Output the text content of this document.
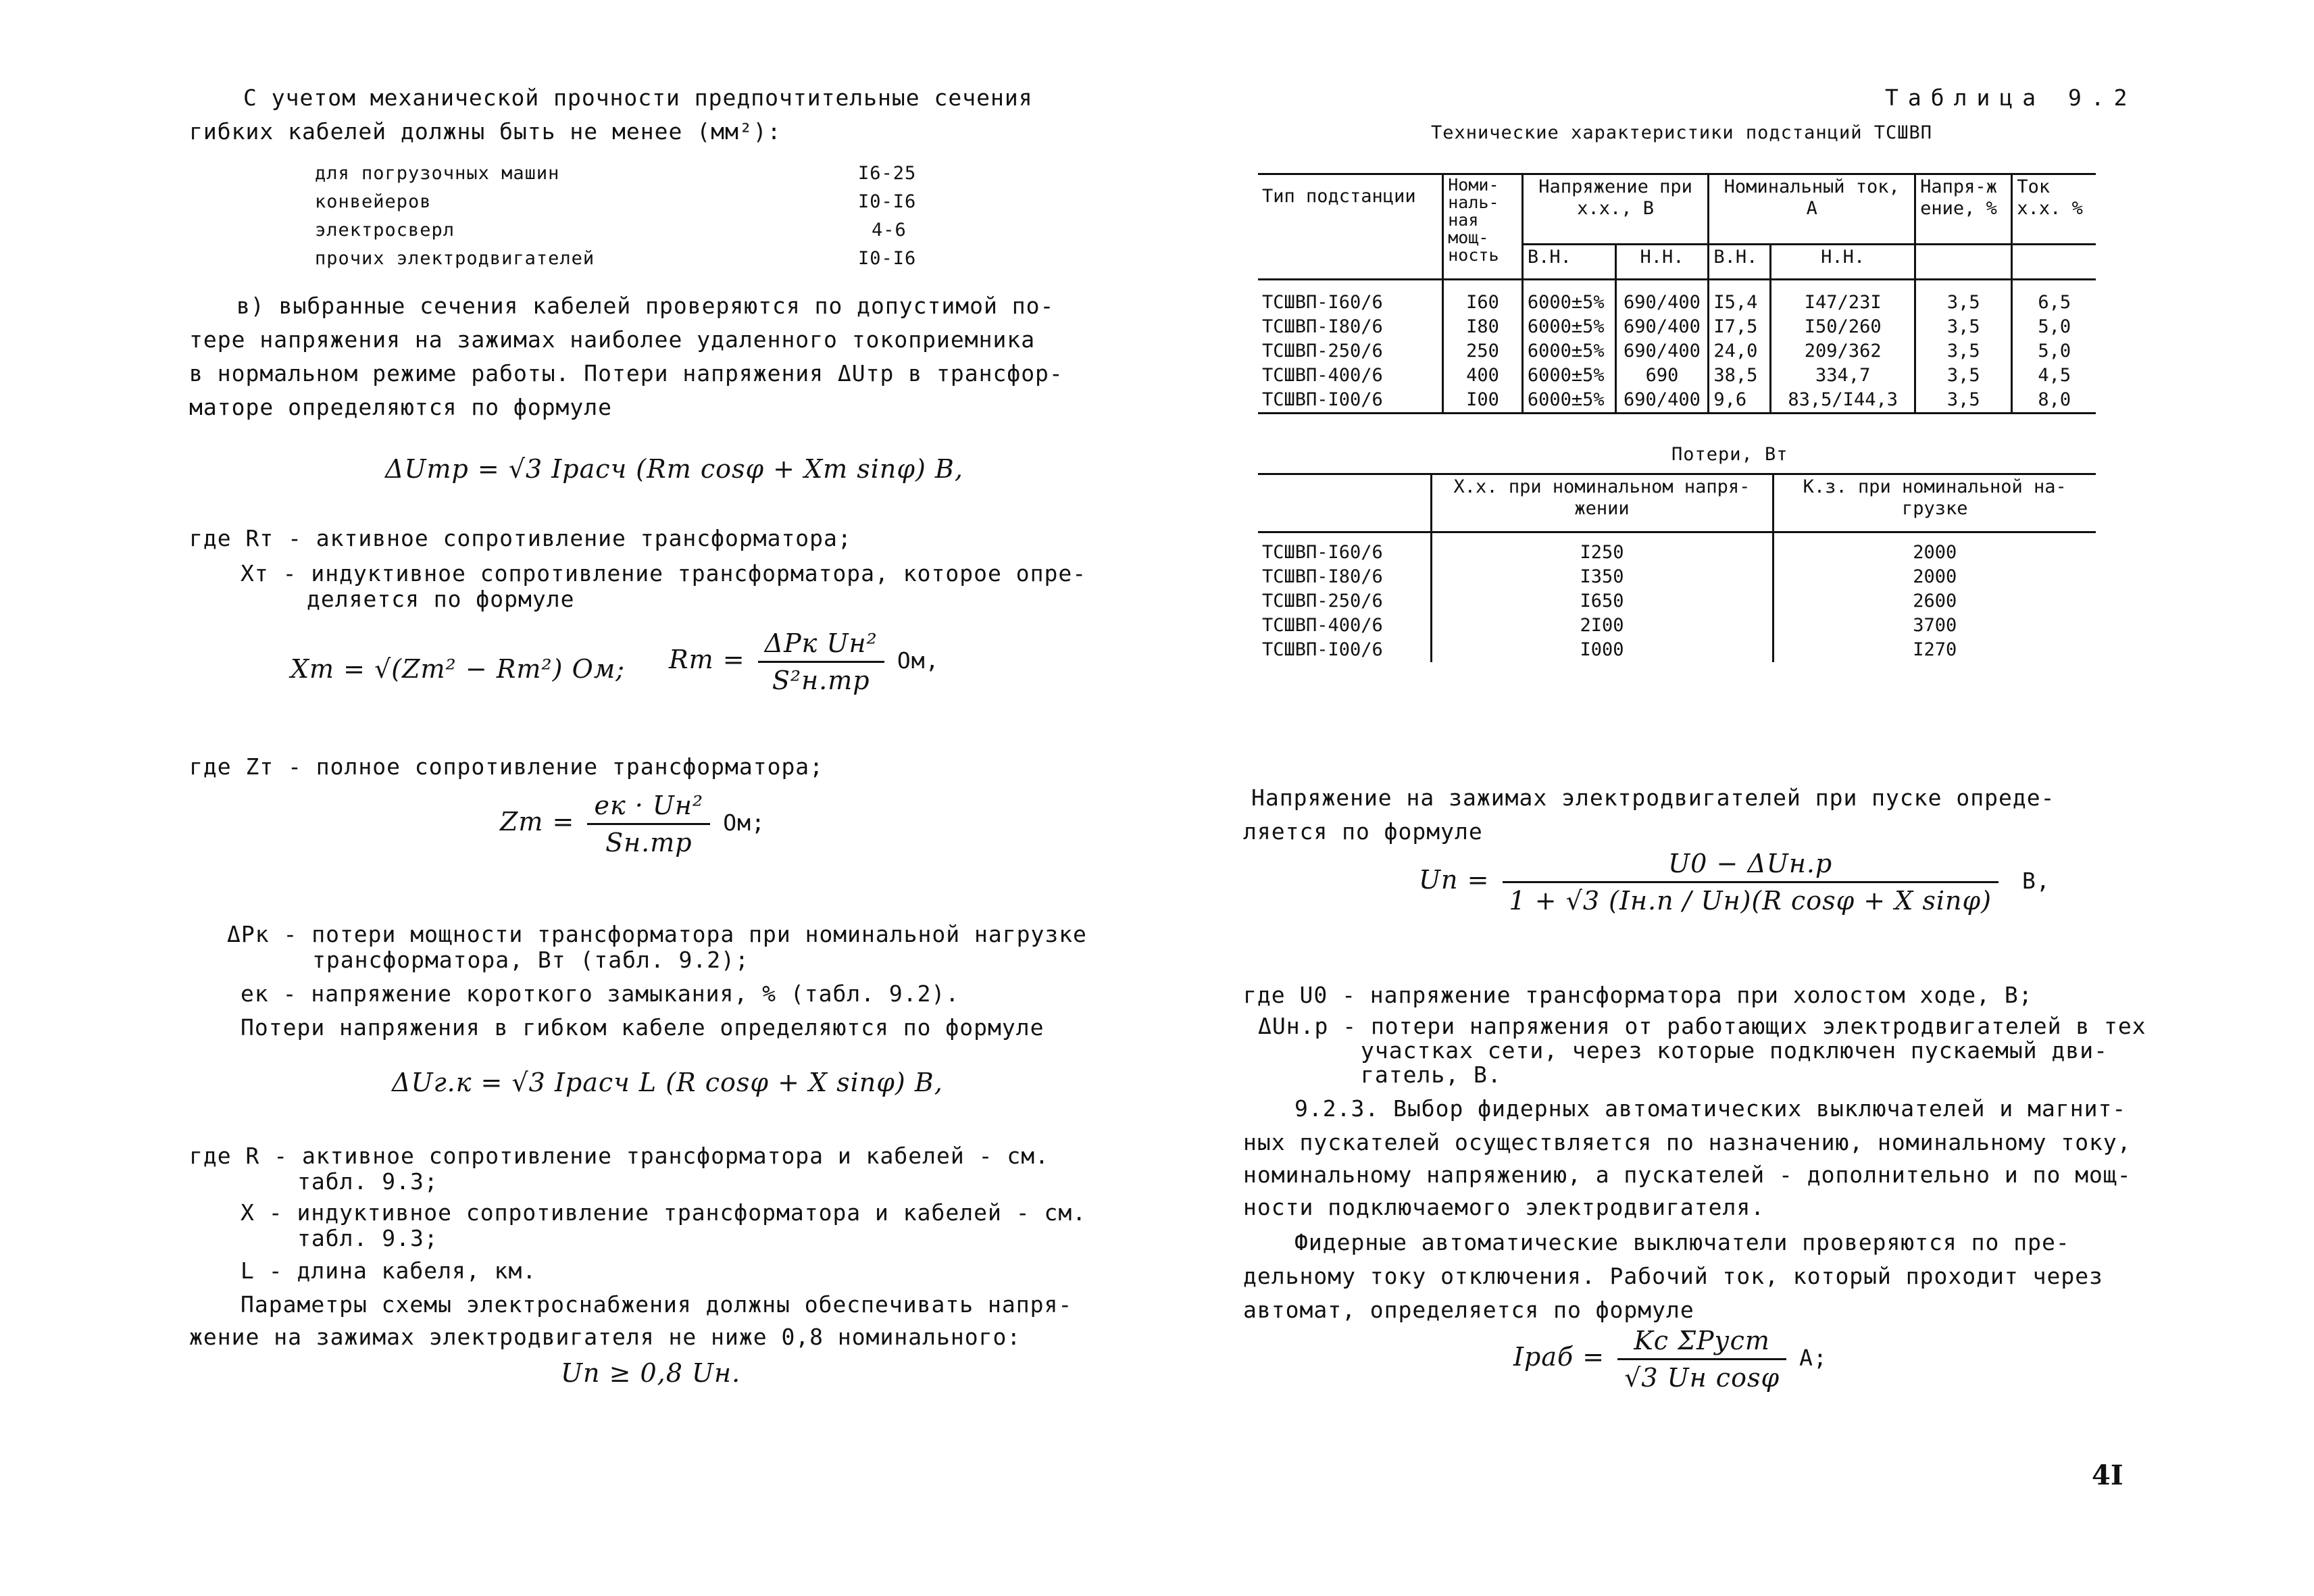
С учетом механической прочности предпочтительные сечения
гибких кабелей должны быть не менее (мм²):
для погрузочных машин	I6-25
конвейеров	I0-I6
электросверл	4-6
прочих электродвигателей	I0-I6
в) выбранные сечения кабелей проверяются по допустимой по-
тере напряжения на зажимах наиболее удаленного токоприемника
в нормальном режиме работы. Потери напряжения ΔUтр в трансфор-
маторе определяются по формуле
ΔUтр = √3 Iрасч (Rт cosφ + Xт sinφ) В,
где Rт - активное сопротивление трансформатора;
Xт - индуктивное сопротивление трансформатора, которое опре-
деляется по формуле
Xт = √(Zт² − Rт²) Ом; Rт = $\frac{\text{ΔPк Uн²}}{\text{S²н.тр}}$ Ом,
где Zт - полное сопротивление трансформатора;
Zт = $\frac{\text{eк · Uн²}}{Sн.тр}$ Ом;
ΔPк - потери мощности трансформатора при номинальной нагрузке
трансформатора, Вт (табл. 9.2);
eк - напряжение короткого замыкания, % (табл. 9.2).
Потери напряжения в гибком кабеле определяются по формуле
ΔUг.к = √3 Iрасч L (R cosφ + X sinφ) В,
где R - активное сопротивление трансформатора и кабелей - см.
табл. 9.3;
X - индуктивное сопротивление трансформатора и кабелей - см.
табл. 9.3;
L - длина кабеля, км.
Параметры схемы электроснабжения должны обеспечивать напря-
жение на зажимах электродвигателя не ниже 0,8 номинального:
Uп ≥ 0,8 Uн.
Таблица 9.2
Технические характеристики подстанций ТСШВП
Тип подстанции	Номи-
наль-
ная
мощ-
ность	Напряжение при х.х., В		Номинальный ток, А		Напря-жение, %	Ток х.х. %
		В.Н.	Н.Н.	В.Н.	Н.Н.		

ТСШВП-I60/6	I60	6000±5%	690/400	I5,4	I47/23I	3,5	6,5
ТСШВП-I80/6	I80	6000±5%	690/400	I7,5	I50/260	3,5	5,0
ТСШВП-250/6	250	6000±5%	690/400	24,0	209/362	3,5	5,0
ТСШВП-400/6	400	6000±5%	690	38,5	334,7	3,5	4,5
ТСШВП-I00/6	I00	6000±5%	690/400	9,6	83,5/I44,3	3,5	8,0
Потери, Вт
	Х.х. при номинальном напря-жении	К.з. при номинальной на-грузке

ТСШВП-I60/6	I250	2000
ТСШВП-I80/6	I350	2000
ТСШВП-250/6	I650	2600
ТСШВП-400/6	2I00	3700
ТСШВП-I00/6	I000	I270
Напряжение на зажимах электродвигателей при пуске опреде-
ляется по формуле
Uп = $\frac{\text{U0 − ΔUн.р}}{\text{1 + √3 (Iн.п / Uн)(R cosφ + X sinφ)}} В$,
где U0 - напряжение трансформатора при холостом ходе, В;
ΔUн.р - потери напряжения от работающих электродвигателей в тех
участках сети, через которые подключен пускаемый дви-
гатель, В.
9.2.3. Выбор фидерных автоматических выключателей и магнит-
ных пускателей осуществляется по назначению, номинальному току,
номинальному напряжению, а пускателей - дополнительно и по мощ-
ности подключаемого электродвигателя.
Фидерные автоматические выключатели проверяются по пре-
дельному току отключения. Рабочий ток, который проходит через
автомат, определяется по формуле
Iраб = $\frac{\text{Kс ΣPуст}}{\text{√3 Uн cosφ}} А$;
4I
